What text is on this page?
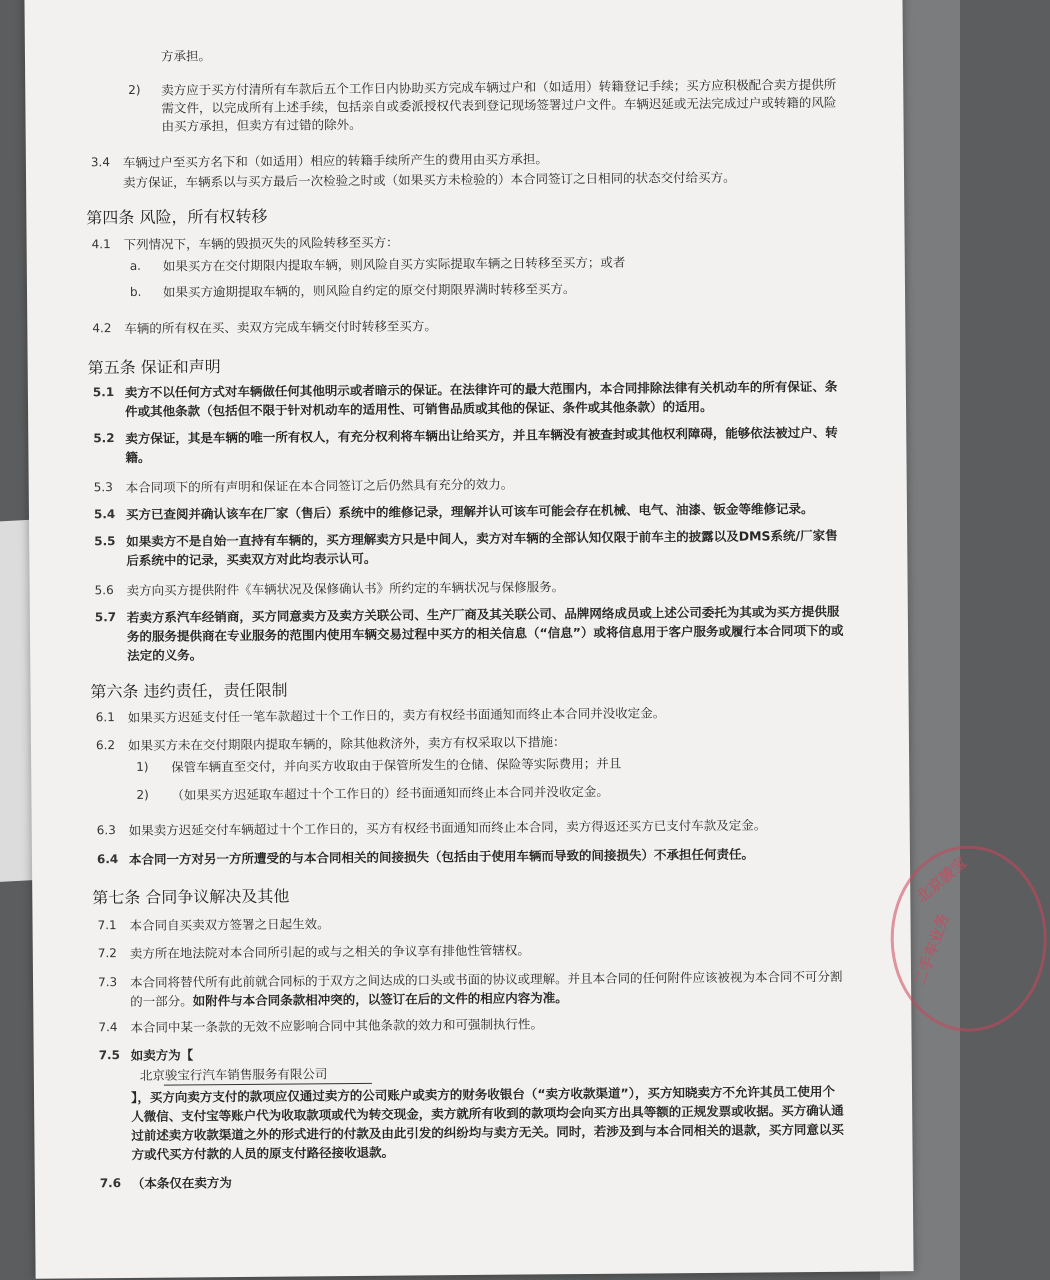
方承担。
2) 卖方应于买方付清所有车款后五个工作日内协助买方完成车辆过户和（如适用）转籍登记手续；买方应积极配合卖方提供所
需文件，以完成所有上述手续，包括亲自或委派授权代表到登记现场签署过户文件。车辆迟延或无法完成过户或转籍的风险
由买方承担，但卖方有过错的除外。
3.4 车辆过户至买方名下和（如适用）相应的转籍手续所产生的费用由买方承担。
卖方保证，车辆系以与买方最后一次检验之时或（如果买方未检验的）本合同签订之日相同的状态交付给买方。
第四条 风险，所有权转移
4.1 下列情况下，车辆的毁损灭失的风险转移至买方：
a. 如果买方在交付期限内提取车辆，则风险自买方实际提取车辆之日转移至买方；或者
b. 如果买方逾期提取车辆的，则风险自约定的原交付期限界满时转移至买方。
4.2 车辆的所有权在买、卖双方完成车辆交付时转移至买方。
第五条 保证和声明
5.1 卖方不以任何方式对车辆做任何其他明示或者暗示的保证。在法律许可的最大范围内，本合同排除法律有关机动车的所有保证、条
件或其他条款（包括但不限于针对机动车的适用性、可销售品质或其他的保证、条件或其他条款）的适用。
5.2 卖方保证，其是车辆的唯一所有权人，有充分权利将车辆出让给买方，并且车辆没有被查封或其他权利障碍，能够依法被过户、转
籍。
5.3 本合同项下的所有声明和保证在本合同签订之后仍然具有充分的效力。
5.4 买方已查阅并确认该车在厂家（售后）系统中的维修记录，理解并认可该车可能会存在机械、电气、油漆、钣金等维修记录。
5.5 如果卖方不是自始一直持有车辆的，买方理解卖方只是中间人，卖方对车辆的全部认知仅限于前车主的披露以及DMS系统/厂家售
后系统中的记录，买卖双方对此均表示认可。
5.6 卖方向买方提供附件《车辆状况及保修确认书》所约定的车辆状况与保修服务。
5.7 若卖方系汽车经销商，买方同意卖方及卖方关联公司、生产厂商及其关联公司、品牌网络成员或上述公司委托为其或为买方提供服
务的服务提供商在专业服务的范围内使用车辆交易过程中买方的相关信息（“信息”）或将信息用于客户服务或履行本合同项下的或
法定的义务。
第六条 违约责任，责任限制
6.1 如果买方迟延支付任一笔车款超过十个工作日的，卖方有权经书面通知而终止本合同并没收定金。
6.2 如果买方未在交付期限内提取车辆的，除其他救济外，卖方有权采取以下措施：
1) 保管车辆直至交付，并向买方收取由于保管所发生的仓储、保险等实际费用；并且
2) （如果买方迟延取车超过十个工作日的）经书面通知而终止本合同并没收定金。
6.3 如果卖方迟延交付车辆超过十个工作日的，买方有权经书面通知而终止本合同，卖方得返还买方已支付车款及定金。
6.4 本合同一方对另一方所遭受的与本合同相关的间接损失（包括由于使用车辆而导致的间接损失）不承担任何责任。
第七条 合同争议解决及其他
7.1 本合同自买卖双方签署之日起生效。
7.2 卖方所在地法院对本合同所引起的或与之相关的争议享有排他性管辖权。
7.3 本合同将替代所有此前就合同标的于双方之间达成的口头或书面的协议或理解。并且本合同的任何附件应该被视为本合同不可分割
的一部分。如附件与本合同条款相冲突的，以签订在后的文件的相应内容为准。
7.4 本合同中某一条款的无效不应影响合同中其他条款的效力和可强制执行性。
7.5 如卖方为【
北京骏宝行汽车销售服务有限公司
】，买方向卖方支付的款项应仅通过卖方的公司账户或卖方的财务收银台（“卖方收款渠道”），买方知晓卖方不允许其员工使用个
人微信、支付宝等账户代为收取款项或代为转交现金，卖方就所有收到的款项均会向买方出具等额的正规发票或收据。买方确认通
过前述卖方收款渠道之外的形式进行的付款及由此引发的纠纷均与卖方无关。同时，若涉及到与本合同相关的退款，买方同意以买
方或代买方付款的人员的原支付路径接收退款。
7.6 （本条仅在卖方为
北京骏宝
二手车业务
